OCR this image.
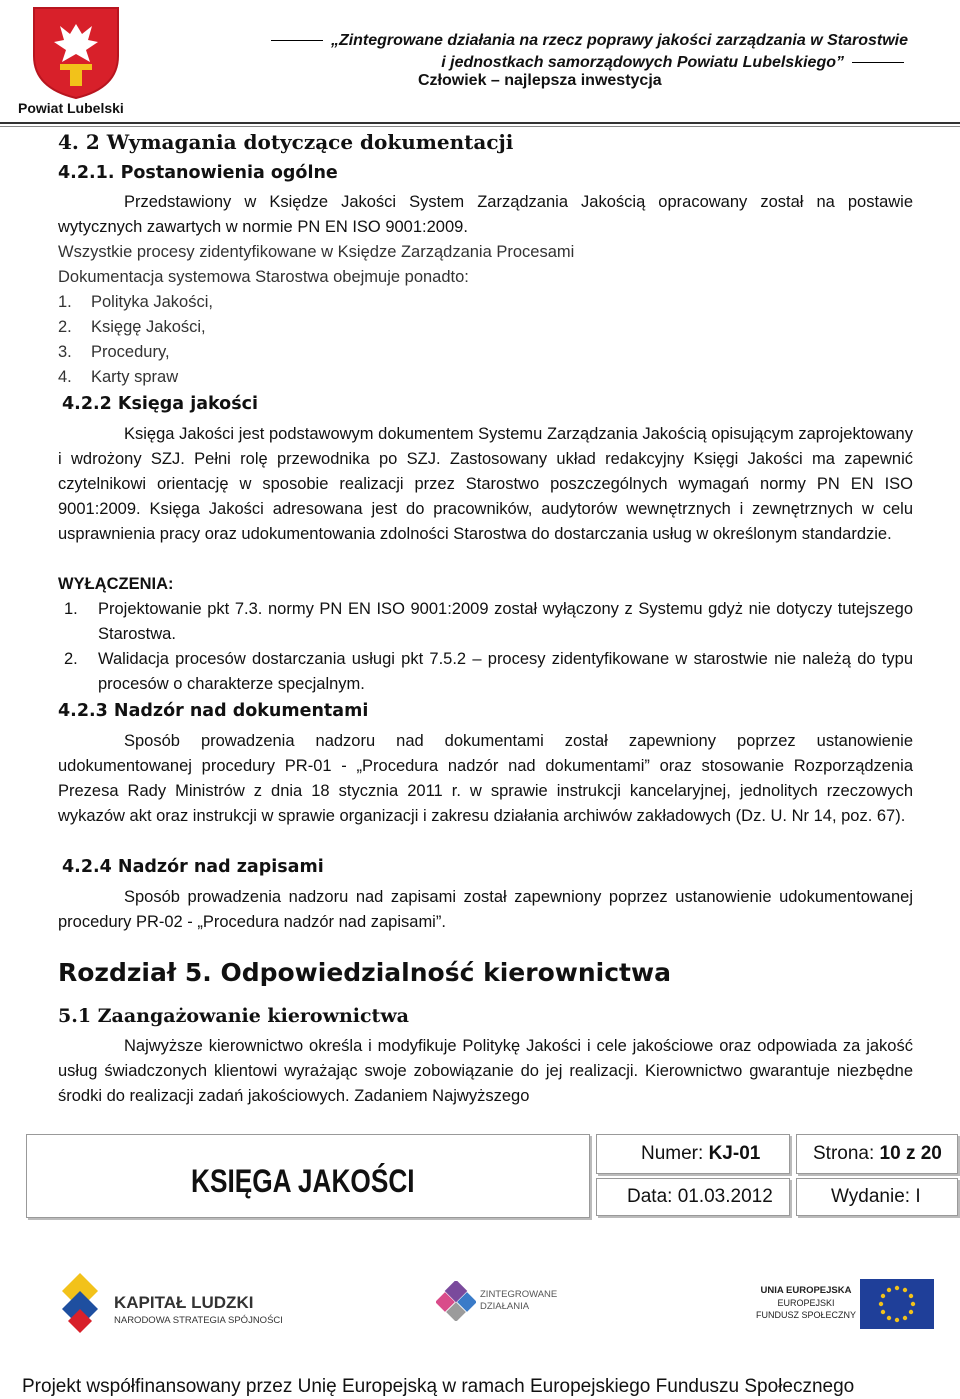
Powiat Lubelski
„Zintegrowane działania na rzecz poprawy jakości zarządzania w Starostwie
i jednostkach samorządowych Powiatu Lubelskiego”
Człowiek – najlepsza inwestycja
4. 2 Wymagania dotyczące dokumentacji
4.2.1. Postanowienia ogólne
Przedstawiony w Księdze Jakości System Zarządzania Jakością opracowany został na postawie wytycznych zawartych w normie PN EN ISO 9001:2009.
Wszystkie procesy zidentyfikowane w Księdze Zarządzania Procesami
Dokumentacja systemowa Starostwa obejmuje ponadto:
1. Polityka Jakości,
2. Księgę Jakości,
3. Procedury,
4. Karty spraw
4.2.2 Księga jakości
Księga Jakości jest podstawowym dokumentem Systemu Zarządzania Jakością opisującym zaprojektowany i wdrożony SZJ. Pełni rolę przewodnika po SZJ. Zastosowany układ redakcyjny Księgi Jakości ma zapewnić czytelnikowi orientację w sposobie realizacji przez Starostwo poszczególnych wymagań normy PN EN ISO 9001:2009. Księga Jakości adresowana jest do pracowników, audytorów wewnętrznych i zewnętrznych w celu usprawnienia pracy oraz udokumentowania zdolności Starostwa do dostarczania usług w określonym standardzie.
WYŁĄCZENIA:
1. Projektowanie pkt 7.3. normy PN EN ISO 9001:2009 został wyłączony z Systemu gdyż nie dotyczy tutejszego Starostwa.
2. Walidacja procesów dostarczania usługi pkt 7.5.2 – procesy zidentyfikowane w starostwie nie należą do typu procesów o charakterze specjalnym.
4.2.3 Nadzór nad dokumentami
Sposób prowadzenia nadzoru nad dokumentami został zapewniony poprzez ustanowienie udokumentowanej procedury PR-01 - „Procedura nadzór nad dokumentami” oraz stosowanie Rozporządzenia Prezesa Rady Ministrów z dnia 18 stycznia 2011 r. w sprawie instrukcji kancelaryjnej, jednolitych rzeczowych wykazów akt oraz instrukcji w sprawie organizacji i zakresu działania archiwów zakładowych (Dz. U. Nr 14, poz. 67).
4.2.4 Nadzór nad zapisami
Sposób prowadzenia nadzoru nad zapisami został zapewniony poprzez ustanowienie udokumentowanej procedury PR-02 - „Procedura nadzór nad zapisami”.
Rozdział 5. Odpowiedzialność kierownictwa
5.1 Zaangażowanie kierownictwa
Najwyższe kierownictwo określa i modyfikuje Politykę Jakości i cele jakościowe oraz odpowiada za jakość usług świadczonych klientowi wyrażając swoje zobowiązanie do jej realizacji. Kierownictwo gwarantuje niezbędne środki do realizacji zadań jakościowych. Zadaniem Najwyższego
KSIĘGA JAKOŚCI
Numer: KJ-01	Strona: 10 z 20
Data: 01.03.2012	Wydanie: I
KAPITAŁ LUDZKI
NARODOWA STRATEGIA SPÓJNOŚCI
ZINTEGROWANE
DZIAŁANIA
UNIA EUROPEJSKA
EUROPEJSKI
FUNDUSZ SPOŁECZNY
Projekt współfinansowany przez Unię Europejską w ramach Europejskiego Funduszu Społecznego
